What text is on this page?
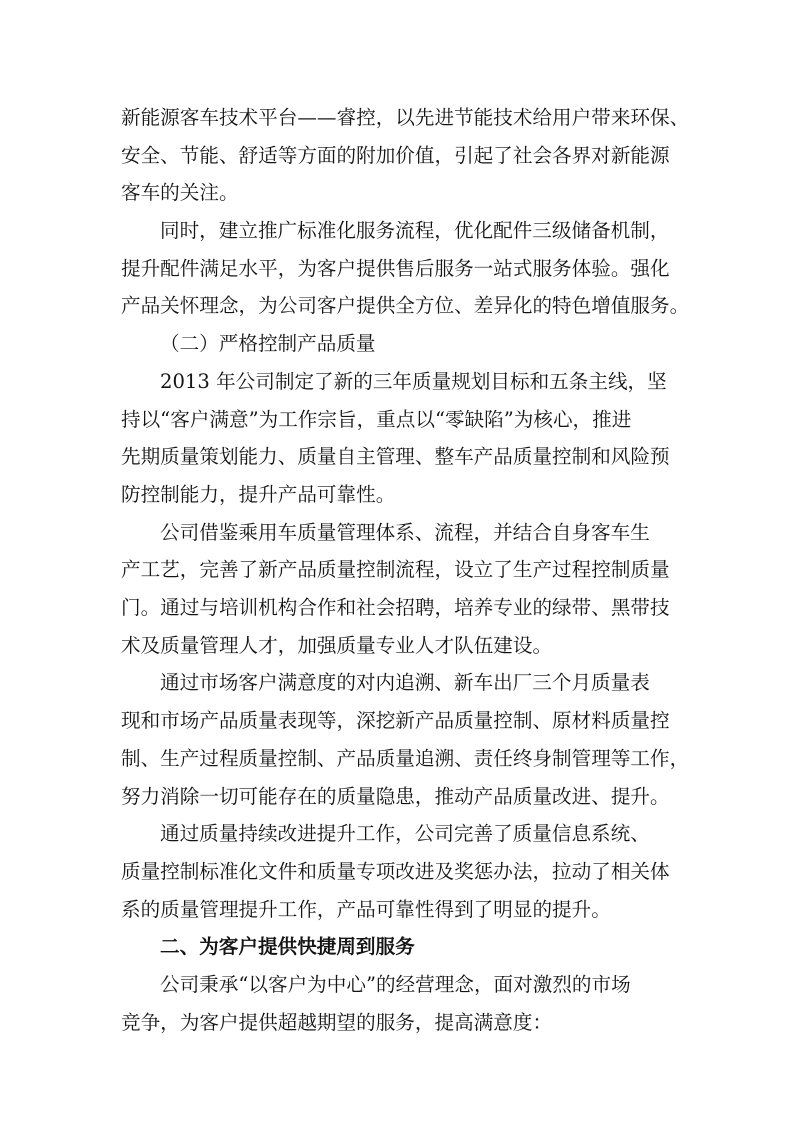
新能源客车技术平台——睿控，以先进节能技术给用户带来环保、
安全、节能、舒适等方面的附加价值，引起了社会各界对新能源
客车的关注。
同时，建立推广标准化服务流程，优化配件三级储备机制，
提升配件满足水平，为客户提供售后服务一站式服务体验。强化
产品关怀理念，为公司客户提供全方位、差异化的特色增值服务。
（二）严格控制产品质量
2013 年公司制定了新的三年质量规划目标和五条主线，坚
持以“客户满意”为工作宗旨，重点以“零缺陷”为核心，推进
先期质量策划能力、质量自主管理、整车产品质量控制和风险预
防控制能力，提升产品可靠性。
公司借鉴乘用车质量管理体系、流程，并结合自身客车生
产工艺，完善了新产品质量控制流程，设立了生产过程控制质量
门。通过与培训机构合作和社会招聘，培养专业的绿带、黑带技
术及质量管理人才，加强质量专业人才队伍建设。
通过市场客户满意度的对内追溯、新车出厂三个月质量表
现和市场产品质量表现等，深挖新产品质量控制、原材料质量控
制、生产过程质量控制、产品质量追溯、责任终身制管理等工作，
努力消除一切可能存在的质量隐患，推动产品质量改进、提升。
通过质量持续改进提升工作，公司完善了质量信息系统、
质量控制标准化文件和质量专项改进及奖惩办法，拉动了相关体
系的质量管理提升工作，产品可靠性得到了明显的提升。
二、为客户提供快捷周到服务
公司秉承“以客户为中心”的经营理念，面对激烈的市场
竞争，为客户提供超越期望的服务，提高满意度：
